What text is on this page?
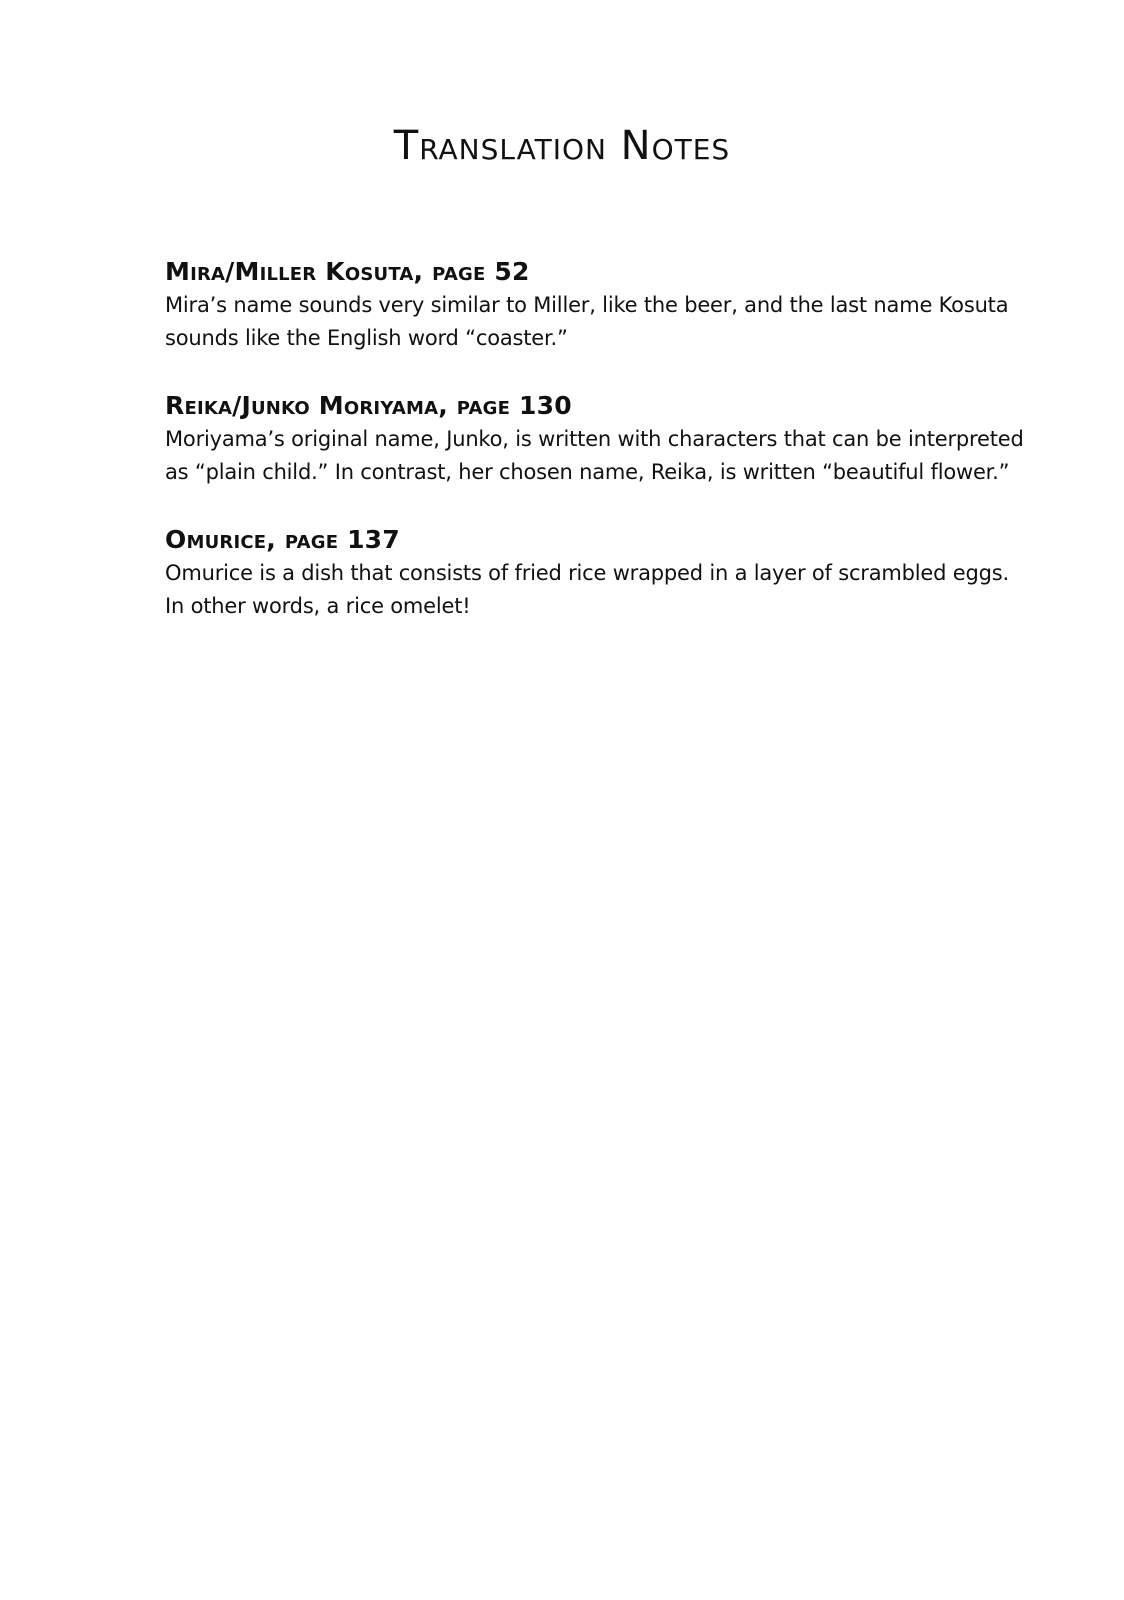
Translation Notes
Mira/Miller Kosuta, page 52

Mira’s name sounds very similar to Miller, like the beer, and the last name Kosuta sounds like the English word “coaster.”

Reika/Junko Moriyama, page 130

Moriyama’s original name, Junko, is written with characters that can be interpreted as “plain child.” In contrast, her chosen name, Reika, is written “beautiful flower.”

Omurice, page 137

Omurice is a dish that consists of fried rice wrapped in a layer of scrambled eggs. In other words, a rice omelet!
